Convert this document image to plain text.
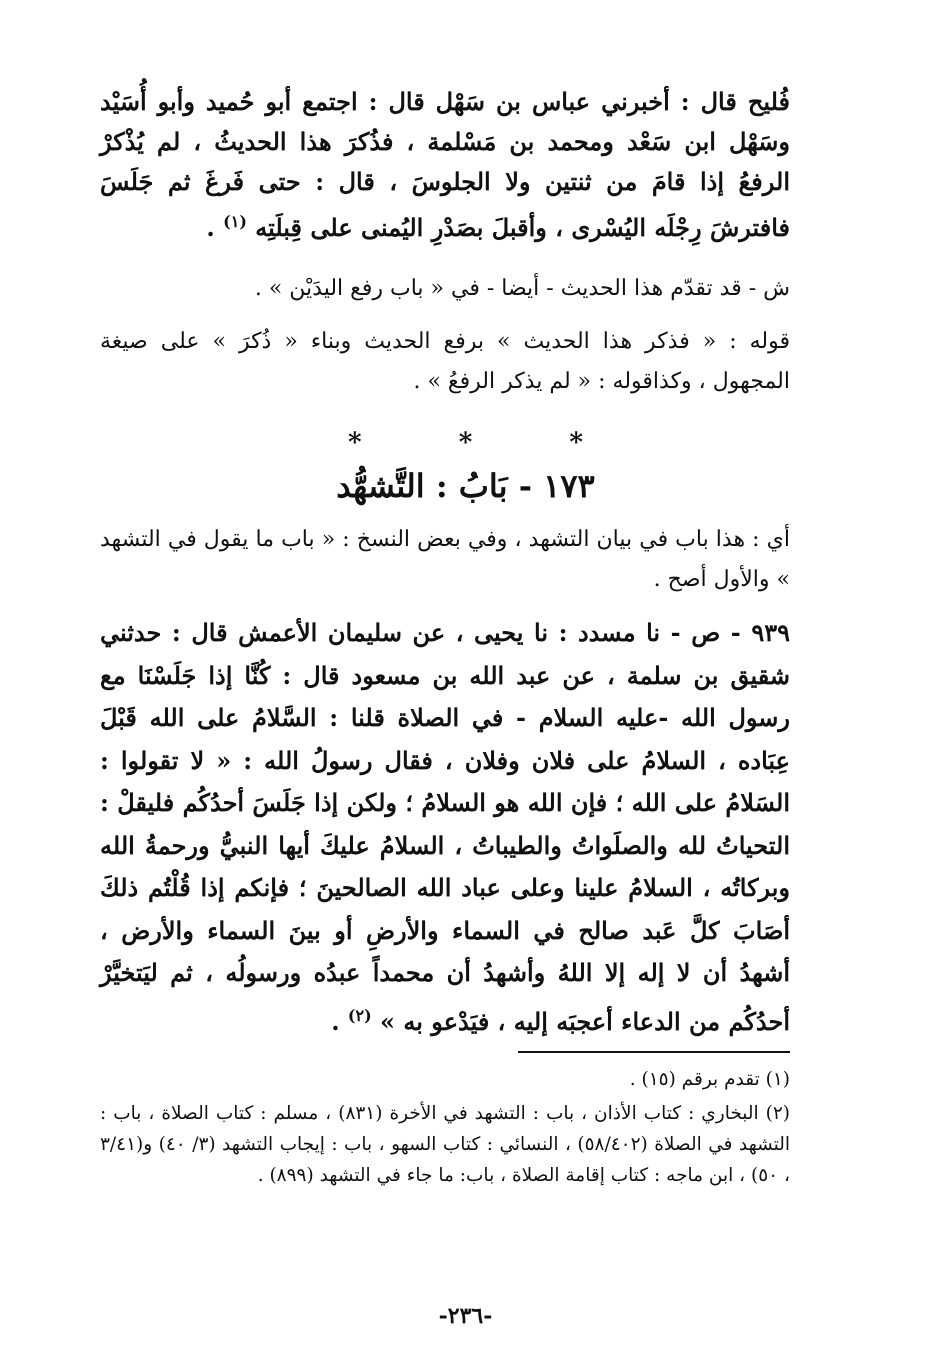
فُليح قال : أخبرني عباس بن سَهْل قال : اجتمع أبو حُميد وأبو أُسَيْد وسَهْل ابن سَعْد ومحمد بن مَسْلمة ، فذُكرَ هذا الحديثُ ، لم يُذْكرْ الرفعُ إذا قامَ من ثنتين ولا الجلوسَ ، قال : حتى فَرغَ ثم جَلَسَ فافترشَ رِجْلَه اليُسْرى ، وأقبلَ بصَدْرِ اليُمنى على قِبلَتِه $^{(١)}$ .

ش - قد تقدّم هذا الحديث - أيضا - في « باب رفع اليدَيْن » .

قوله : « فذكر هذا الحديث » برفع الحديث وبناء « ذُكرَ » على صيغة المجهول ، وكذاقوله : « لم يذكر الرفعُ » .

* * *
١٧٣ - بَابُ : التَّشهُّد

أي : هذا باب في بيان التشهد ، وفي بعض النسخ : « باب ما يقول في التشهد » والأول أصح .

٩٣٩ - ص - نا مسدد : نا يحيى ، عن سليمان الأعمش قال : حدثني شقيق بن سلمة ، عن عبد الله بن مسعود قال : كُنَّا إذا جَلَسْنَا مع رسول الله -عليه السلام - في الصلاة قلنا : السَّلامُ على الله قَبْلَ عِبَاده ، السلامُ على فلان وفلان ، فقال رسولُ الله : « لا تقولوا : السَلامُ على الله ؛ فإن الله هو السلامُ ؛ ولكن إذا جَلَسَ أحدُكُم فليقلْ : التحياتُ لله والصلَواتُ والطيباتُ ، السلامُ عليكَ أيها النبيُّ ورحمةُ الله وبركاتُه ، السلامُ علينا وعلى عباد الله الصالحينَ ؛ فإنكم إذا قُلْتُم ذلكَ أصَابَ كلَّ عَبد صالح في السماء والأرضِ أو بينَ السماء والأرض ، أشهدُ أن لا إله إلا اللهُ وأشهدُ أن محمداً عبدُه ورسولُه ، ثم ليَتخيَّرْ أحدُكُم من الدعاء أعجبَه إليه ، فيَدْعو به » $^{(٢)}$ .

(١) تقدم برقم (١٥) .

(٢) البخاري : كتاب الأذان ، باب : التشهد في الأخرة (٨٣١) ، مسلم : كتاب الصلاة ، باب : التشهد في الصلاة (٥٨/٤٠٢) ، النسائي : كتاب السهو ، باب : إيجاب التشهد (٣/ ٤٠) و(٣/٤١ ، ٥٠) ، ابن ماجه : كتاب إقامة الصلاة ، باب: ما جاء في التشهد (٨٩٩) .

-٢٣٦-
